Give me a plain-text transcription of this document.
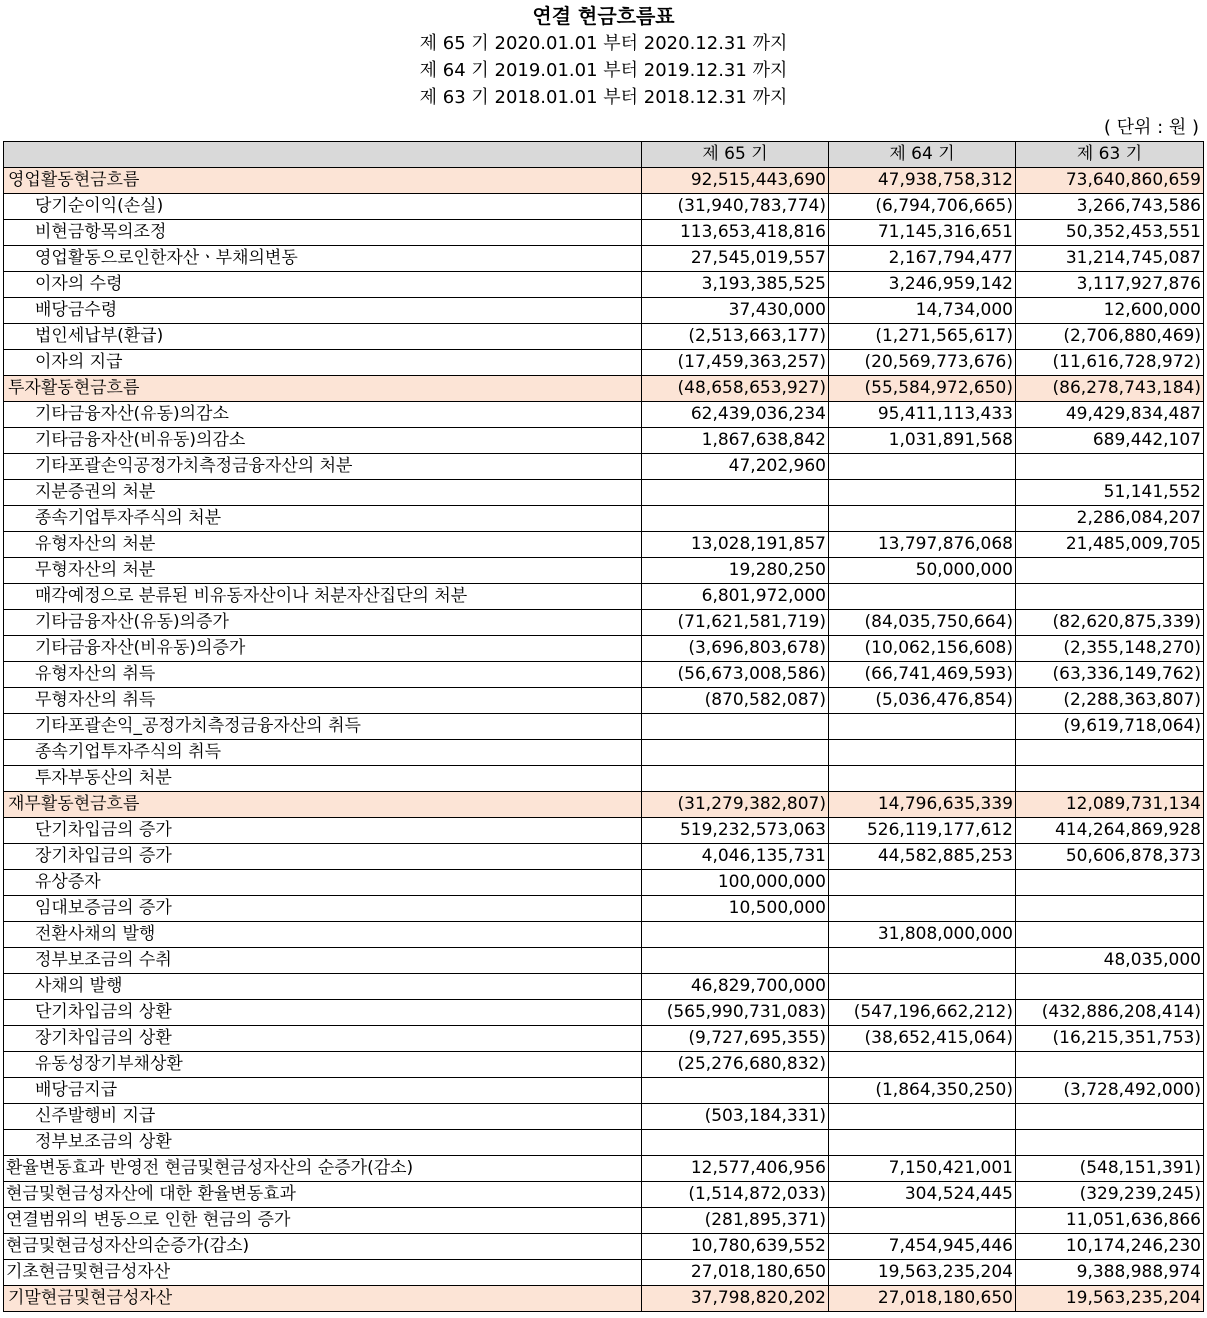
연결 현금흐름표
제 65 기 2020.01.01 부터 2020.12.31 까지
제 64 기 2019.01.01 부터 2019.12.31 까지
제 63 기 2018.01.01 부터 2018.12.31 까지
( 단위 : 원 )
	제 65 기	제 64 기	제 63 기
영업활동현금흐름	92,515,443,690	47,938,758,312	73,640,860,659
당기순이익(손실)	(31,940,783,774)	(6,794,706,665)	3,266,743,586
비현금항목의조정	113,653,418,816	71,145,316,651	50,352,453,551
영업활동으로인한자산ㆍ부채의변동	27,545,019,557	2,167,794,477	31,214,745,087
이자의 수령	3,193,385,525	3,246,959,142	3,117,927,876
배당금수령	37,430,000	14,734,000	12,600,000
법인세납부(환급)	(2,513,663,177)	(1,271,565,617)	(2,706,880,469)
이자의 지급	(17,459,363,257)	(20,569,773,676)	(11,616,728,972)
투자활동현금흐름	(48,658,653,927)	(55,584,972,650)	(86,278,743,184)
기타금융자산(유동)의감소	62,439,036,234	95,411,113,433	49,429,834,487
기타금융자산(비유동)의감소	1,867,638,842	1,031,891,568	689,442,107
기타포괄손익공정가치측정금융자산의 처분	47,202,960		
지분증권의 처분			51,141,552
종속기업투자주식의 처분			2,286,084,207
유형자산의 처분	13,028,191,857	13,797,876,068	21,485,009,705
무형자산의 처분	19,280,250	50,000,000	
매각예정으로 분류된 비유동자산이나 처분자산집단의 처분	6,801,972,000		
기타금융자산(유동)의증가	(71,621,581,719)	(84,035,750,664)	(82,620,875,339)
기타금융자산(비유동)의증가	(3,696,803,678)	(10,062,156,608)	(2,355,148,270)
유형자산의 취득	(56,673,008,586)	(66,741,469,593)	(63,336,149,762)
무형자산의 취득	(870,582,087)	(5,036,476,854)	(2,288,363,807)
기타포괄손익_공정가치측정금융자산의 취득			(9,619,718,064)
종속기업투자주식의 취득			
투자부동산의 처분			
재무활동현금흐름	(31,279,382,807)	14,796,635,339	12,089,731,134
단기차입금의 증가	519,232,573,063	526,119,177,612	414,264,869,928
장기차입금의 증가	4,046,135,731	44,582,885,253	50,606,878,373
유상증자	100,000,000		
임대보증금의 증가	10,500,000		
전환사채의 발행		31,808,000,000	
정부보조금의 수취			48,035,000
사채의 발행	46,829,700,000		
단기차입금의 상환	(565,990,731,083)	(547,196,662,212)	(432,886,208,414)
장기차입금의 상환	(9,727,695,355)	(38,652,415,064)	(16,215,351,753)
유동성장기부채상환	(25,276,680,832)		
배당금지급		(1,864,350,250)	(3,728,492,000)
신주발행비 지급	(503,184,331)		
정부보조금의 상환			
환율변동효과 반영전 현금및현금성자산의 순증가(감소)	12,577,406,956	7,150,421,001	(548,151,391)
현금및현금성자산에 대한 환율변동효과	(1,514,872,033)	304,524,445	(329,239,245)
연결범위의 변동으로 인한 현금의 증가	(281,895,371)		11,051,636,866
현금및현금성자산의순증가(감소)	10,780,639,552	7,454,945,446	10,174,246,230
기초현금및현금성자산	27,018,180,650	19,563,235,204	9,388,988,974
기말현금및현금성자산	37,798,820,202	27,018,180,650	19,563,235,204
